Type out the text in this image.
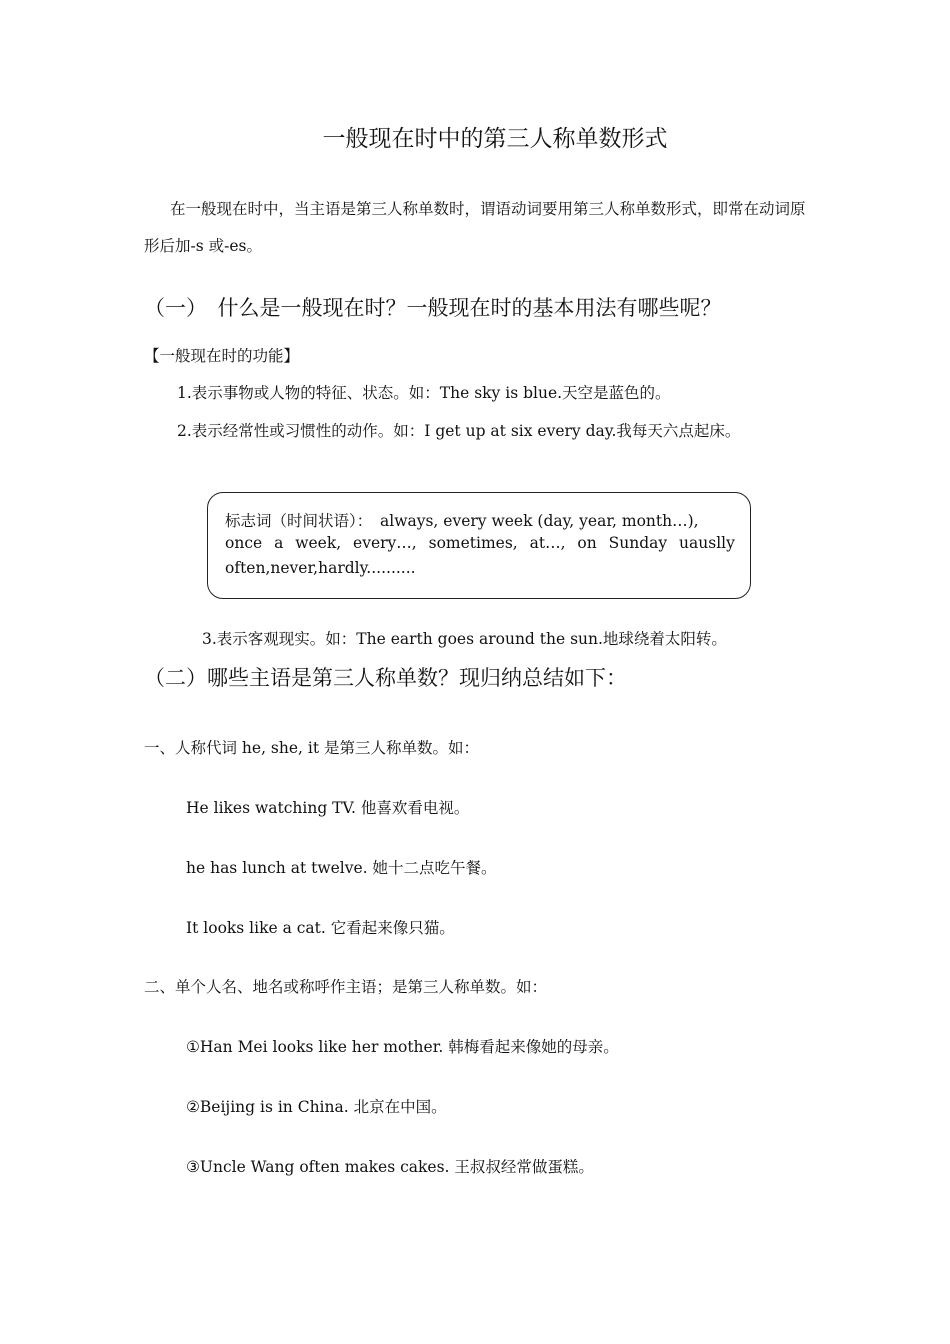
一般现在时中的第三人称单数形式
在一般现在时中，当主语是第三人称单数时，谓语动词要用第三人称单数形式，即常在动词原
形后加-s 或-es。
（一）　什么是一般现在时？一般现在时的基本用法有哪些呢？
【一般现在时的功能】
1.表示事物或人物的特征、状态。如：The sky is blue.天空是蓝色的。
2.表示经常性或习惯性的动作。如：I get up at six every day.我每天六点起床。
标志词（时间状语）：　always, every week (day, year, month…),
once a week, every…, sometimes, at…, on Sunday uauslly
often,never,hardly..........
3.表示客观现实。如：The earth goes around the sun.地球绕着太阳转。
（二）哪些主语是第三人称单数？现归纳总结如下：
一、人称代词 he, she, it 是第三人称单数。如：
He likes watching TV. 他喜欢看电视。
he has lunch at twelve. 她十二点吃午餐。
It looks like a cat. 它看起来像只猫。
二、单个人名、地名或称呼作主语；是第三人称单数。如：
①Han Mei looks like her mother. 韩梅看起来像她的母亲。
②Beijing is in China. 北京在中国。
③Uncle Wang often makes cakes. 王叔叔经常做蛋糕。
